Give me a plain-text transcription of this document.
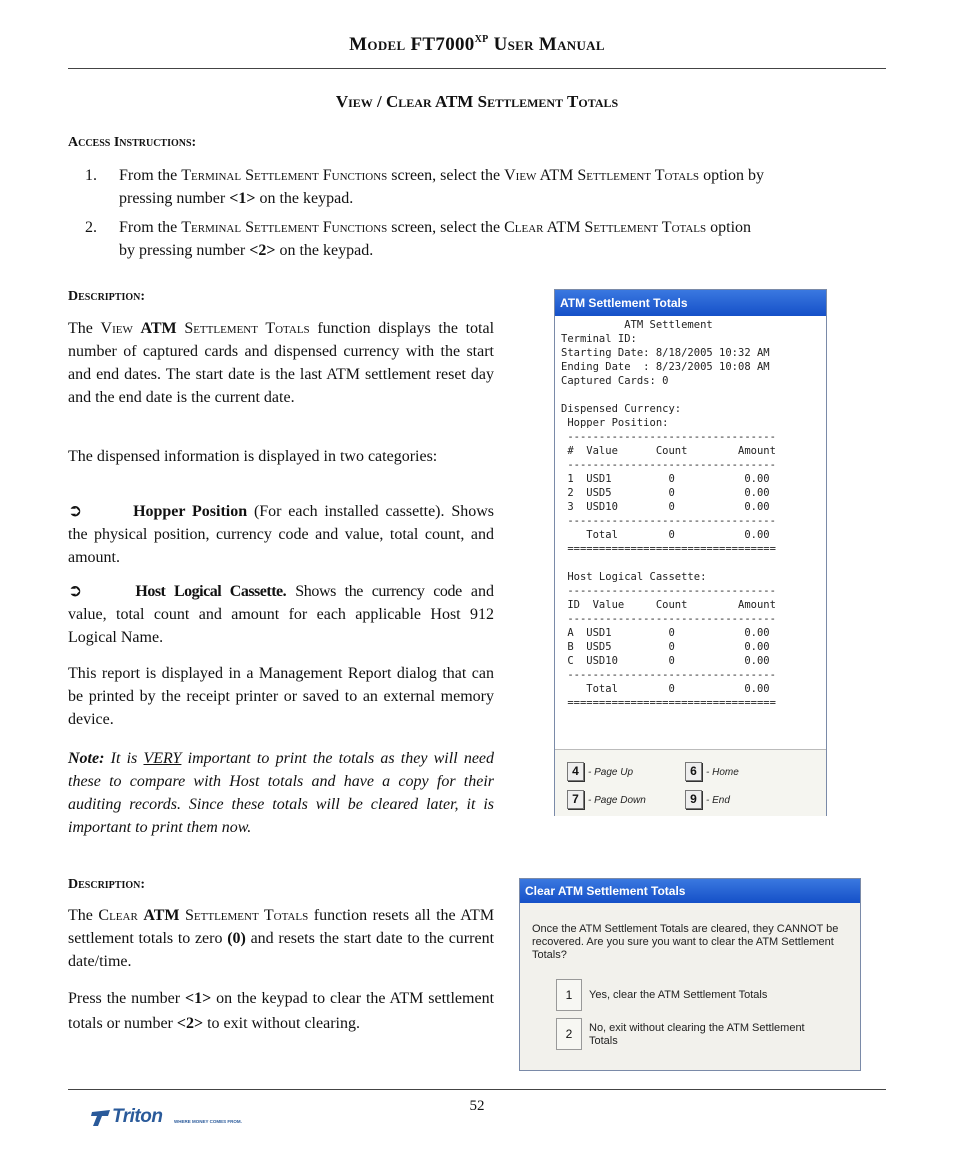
Model $FT7000^{XP}$ User Manual
View / Clear ATM Settlement Totals
Access Instructions:
1. From the Terminal Settlement Functions screen, select the View ATM Settlement Totals option by
pressing number <1> on the keypad.
2. From the Terminal Settlement Functions screen, select the Clear ATM Settlement Totals option
by pressing number <2> on the keypad.
Description:
The View ATM Settlement Totals function displays the total number of captured cards and dispensed currency with the start and end dates. The start date is the last ATM settlement reset day and the end date is the current date.
The dispensed information is displayed in two categories:
➲	Hopper Position (For each installed cassette). Shows the physical position, currency code and value, total count, and amount.
➲	Host Logical Cassette. Shows the currency code and value, total count and amount for each applicable Host 912 Logical Name.
This report is displayed in a Management Report dialog that can be printed by the receipt printer or saved to an external memory device.
Note: It is VERY important to print the totals as they will need these to compare with Host totals and have a copy for their auditing records. Since these totals will be cleared later, it is important to print them now.
ATM Settlement Totals
ATM Settlement
Terminal ID:
Starting Date: 8/18/2005 10:32 AM
Ending Date  : 8/23/2005 10:08 AM
Captured Cards: 0

Dispensed Currency:
Hopper Position:
---------------------------------
#  Value      Count        Amount
---------------------------------
1  USD1         0           0.00
2  USD5         0           0.00
3  USD10        0           0.00
---------------------------------
Total        0           0.00
=================================

Host Logical Cassette:
---------------------------------
ID  Value     Count        Amount
---------------------------------
A  USD1         0           0.00
B  USD5         0           0.00
C  USD10        0           0.00
---------------------------------
Total        0           0.00
=================================
4 - Page Up	6 - Home
7 - Page Down	9 - End
Description:
The Clear ATM Settlement Totals function resets all the ATM settlement totals to zero (0) and resets the start date to the current date/time.
Press the number <1> on the keypad to clear the ATM settlement totals or number <2> to exit without clearing.
Clear ATM Settlement Totals
Once the ATM Settlement Totals are cleared, they CANNOT be recovered. Are you sure you want to clear the ATM Settlement Totals?
1	Yes, clear the ATM Settlement Totals
2	No, exit without clearing the ATM Settlement Totals
52
Triton	WHERE MONEY COMES FROM.
